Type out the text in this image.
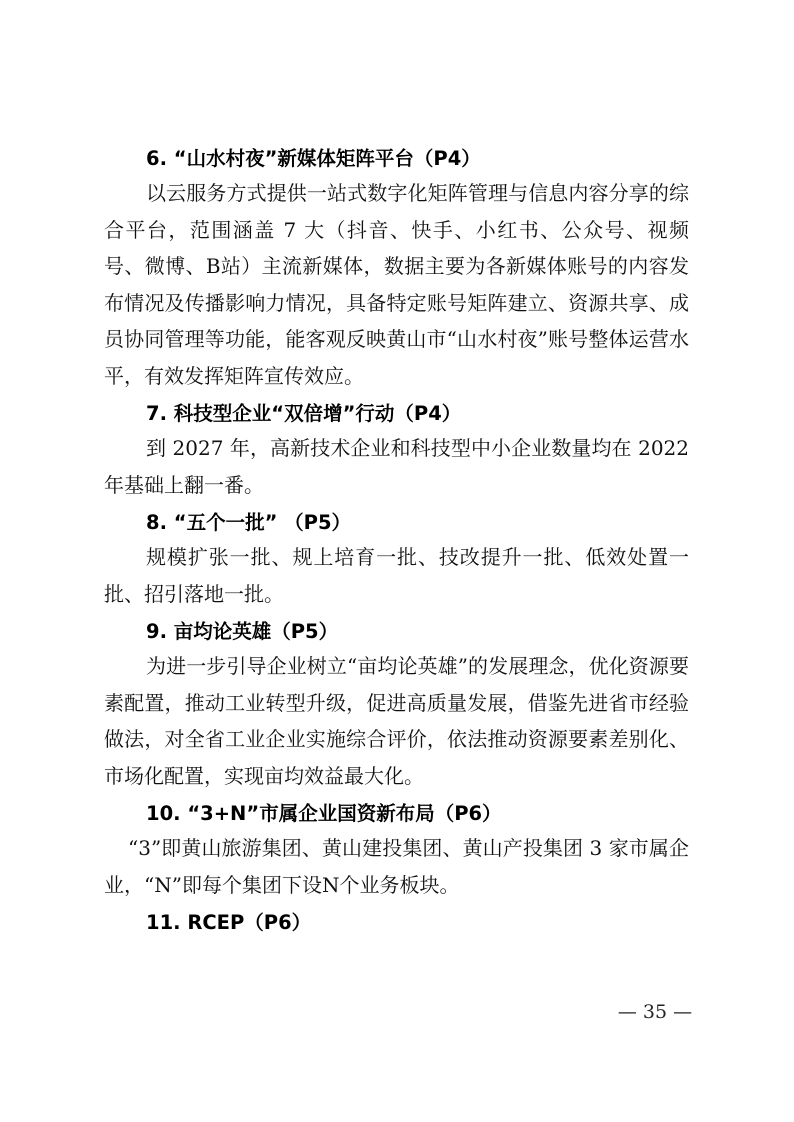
6. “山水村夜”新媒体矩阵平台（P4）

以云服务方式提供一站式数字化矩阵管理与信息内容分享的综合平台，范围涵盖 7 大（抖音、快手、小红书、公众号、视频号、微博、B站）主流新媒体，数据主要为各新媒体账号的内容发布情况及传播影响力情况，具备特定账号矩阵建立、资源共享、成员协同管理等功能，能客观反映黄山市“山水村夜”账号整体运营水平，有效发挥矩阵宣传效应。

7. 科技型企业“双倍增”行动（P4）

到 2027 年，高新技术企业和科技型中小企业数量均在 2022 年基础上翻一番。

8. “五个一批” （P5）

规模扩张一批、规上培育一批、技改提升一批、低效处置一批、招引落地一批。

9. 亩均论英雄（P5）

为进一步引导企业树立“亩均论英雄”的发展理念，优化资源要素配置，推动工业转型升级，促进高质量发展，借鉴先进省市经验做法，对全省工业企业实施综合评价，依法推动资源要素差别化、市场化配置，实现亩均效益最大化。

10. “3+N”市属企业国资新布局（P6）

“3”即黄山旅游集团、黄山建投集团、黄山产投集团 3 家市属企业，“N”即每个集团下设N个业务板块。

11. RCEP（P6）
— 35 —
